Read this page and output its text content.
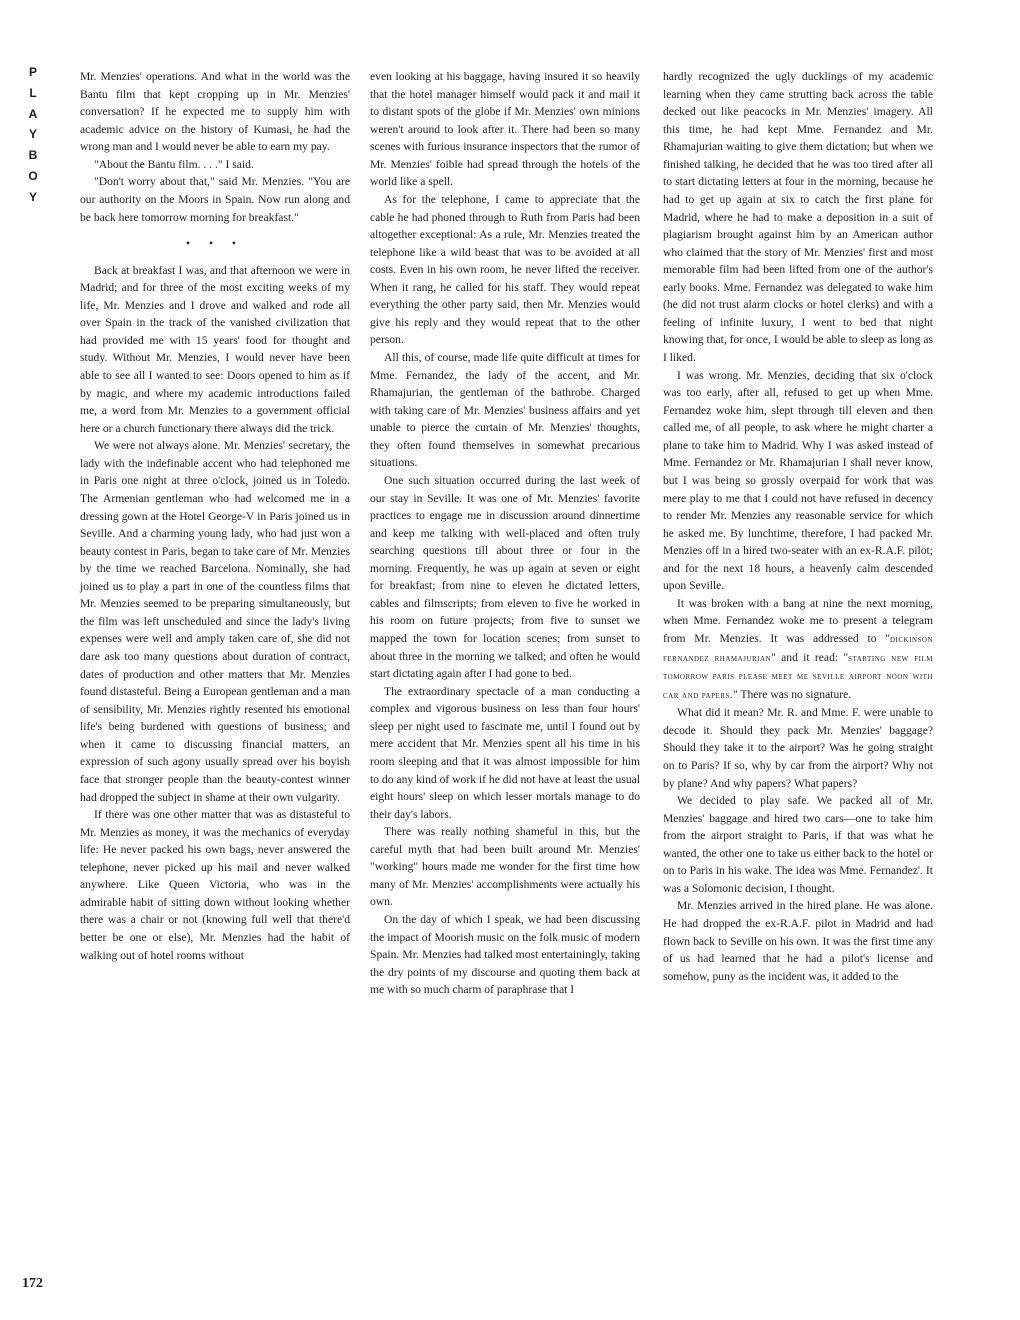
PLAYBOY

Mr. Menzies' operations. And what in the world was the Bantu film that kept cropping up in Mr. Menzies' conversation? If he expected me to supply him with academic advice on the history of Kumasi, he had the wrong man and I would never be able to earn my pay.

"About the Bantu film. . . ." I said.

"Don't worry about that," said Mr. Menzies. "You are our authority on the Moors in Spain. Now run along and be back here tomorrow morning for breakfast."

• • •

Back at breakfast I was, and that afternoon we were in Madrid; and for three of the most exciting weeks of my life, Mr. Menzies and I drove and walked and rode all over Spain in the track of the vanished civilization that had provided me with 15 years' food for thought and study. Without Mr. Menzies, I would never have been able to see all I wanted to see: Doors opened to him as if by magic, and where my academic introductions failed me, a word from Mr. Menzies to a government official here or a church functionary there always did the trick.

We were not always alone. Mr. Menzies' secretary, the lady with the indefinable accent who had telephoned me in Paris one night at three o'clock, joined us in Toledo. The Armenian gentleman who had welcomed me in a dressing gown at the Hotel George-V in Paris joined us in Seville. And a charming young lady, who had just won a beauty contest in Paris, began to take care of Mr. Menzies by the time we reached Barcelona. Nominally, she had joined us to play a part in one of the countless films that Mr. Menzies seemed to be preparing simultaneously, but the film was left unscheduled and since the lady's living expenses were well and amply taken care of, she did not dare ask too many questions about duration of contract, dates of production and other matters that Mr. Menzies found distasteful. Being a European gentleman and a man of sensibility, Mr. Menzies rightly resented his emotional life's being burdened with questions of business; and when it came to discussing financial matters, an expression of such agony usually spread over his boyish face that stronger people than the beauty-contest winner had dropped the subject in shame at their own vulgarity.

If there was one other matter that was as distasteful to Mr. Menzies as money, it was the mechanics of everyday life: He never packed his own bags, never answered the telephone, never picked up his mail and never walked anywhere. Like Queen Victoria, who was in the admirable habit of sitting down without looking whether there was a chair or not (knowing full well that there'd better be one or else), Mr. Menzies had the habit of walking out of hotel rooms without

even looking at his baggage, having insured it so heavily that the hotel manager himself would pack it and mail it to distant spots of the globe if Mr. Menzies' own minions weren't around to look after it. There had been so many scenes with furious insurance inspectors that the rumor of Mr. Menzies' foible had spread through the hotels of the world like a spell.

As for the telephone, I came to appreciate that the cable he had phoned through to Ruth from Paris had been altogether exceptional: As a rule, Mr. Menzies treated the telephone like a wild beast that was to be avoided at all costs. Even in his own room, he never lifted the receiver. When it rang, he called for his staff. They would repeat everything the other party said, then Mr. Menzies would give his reply and they would repeat that to the other person.

All this, of course, made life quite difficult at times for Mme. Fernandez, the lady of the accent, and Mr. Rhamajurian, the gentleman of the bathrobe. Charged with taking care of Mr. Menzies' business affairs and yet unable to pierce the curtain of Mr. Menzies' thoughts, they often found themselves in somewhat precarious situations.

One such situation occurred during the last week of our stay in Seville. It was one of Mr. Menzies' favorite practices to engage me in discussion around dinnertime and keep me talking with well-placed and often truly searching questions till about three or four in the morning. Frequently, he was up again at seven or eight for breakfast; from nine to eleven he dictated letters, cables and filmscripts; from eleven to five he worked in his room on future projects; from five to sunset we mapped the town for location scenes; from sunset to about three in the morning we talked; and often he would start dictating again after I had gone to bed.

The extraordinary spectacle of a man conducting a complex and vigorous business on less than four hours' sleep per night used to fascinate me, until I found out by mere accident that Mr. Menzies spent all his time in his room sleeping and that it was almost impossible for him to do any kind of work if he did not have at least the usual eight hours' sleep on which lesser mortals manage to do their day's labors.

There was really nothing shameful in this, but the careful myth that had been built around Mr. Menzies' "working" hours made me wonder for the first time how many of Mr. Menzies' accomplishments were actually his own.

On the day of which I speak, we had been discussing the impact of Moorish music on the folk music of modern Spain. Mr. Menzies had talked most entertainingly, taking the dry points of my discourse and quoting them back at me with so much charm of paraphrase that I

hardly recognized the ugly ducklings of my academic learning when they came strutting back across the table decked out like peacocks in Mr. Menzies' imagery. All this time, he had kept Mme. Fernandez and Mr. Rhamajurian waiting to give them dictation; but when we finished talking, he decided that he was too tired after all to start dictating letters at four in the morning, because he had to get up again at six to catch the first plane for Madrid, where he had to make a deposition in a suit of plagiarism brought against him by an American author who claimed that the story of Mr. Menzies' first and most memorable film had been lifted from one of the author's early books. Mme. Fernandez was delegated to wake him (he did not trust alarm clocks or hotel clerks) and with a feeling of infinite luxury, I went to bed that night knowing that, for once, I would be able to sleep as long as I liked.

I was wrong. Mr. Menzies, deciding that six o'clock was too early, after all, refused to get up when Mme. Fernandez woke him, slept through till eleven and then called me, of all people, to ask where he might charter a plane to take him to Madrid. Why I was asked instead of Mme. Fernandez or Mr. Rhamajurian I shall never know, but I was being so grossly overpaid for work that was mere play to me that I could not have refused in decency to render Mr. Menzies any reasonable service for which he asked me. By lunchtime, therefore, I had packed Mr. Menzies off in a hired two-seater with an ex-R.A.F. pilot; and for the next 18 hours, a heavenly calm descended upon Seville.

It was broken with a bang at nine the next morning, when Mme. Fernandez woke me to present a telegram from Mr. Menzies. It was addressed to "dickinson fernandez rhamajurian" and it read: "starting new film tomorrow paris please meet me seville airport noon with car and papers." There was no signature.

What did it mean? Mr. R. and Mme. F. were unable to decode it. Should they pack Mr. Menzies' baggage? Should they take it to the airport? Was he going straight on to Paris? If so, why by car from the airport? Why not by plane? And why papers? What papers?

We decided to play safe. We packed all of Mr. Menzies' baggage and hired two cars—one to take him from the airport straight to Paris, if that was what he wanted, the other one to take us either back to the hotel or on to Paris in his wake. The idea was Mme. Fernandez'. It was a Solomonic decision, I thought.

Mr. Menzies arrived in the hired plane. He was alone. He had dropped the ex-R.A.F. pilot in Madrid and had flown back to Seville on his own. It was the first time any of us had learned that he had a pilot's license and somehow, puny as the incident was, it added to the

172
